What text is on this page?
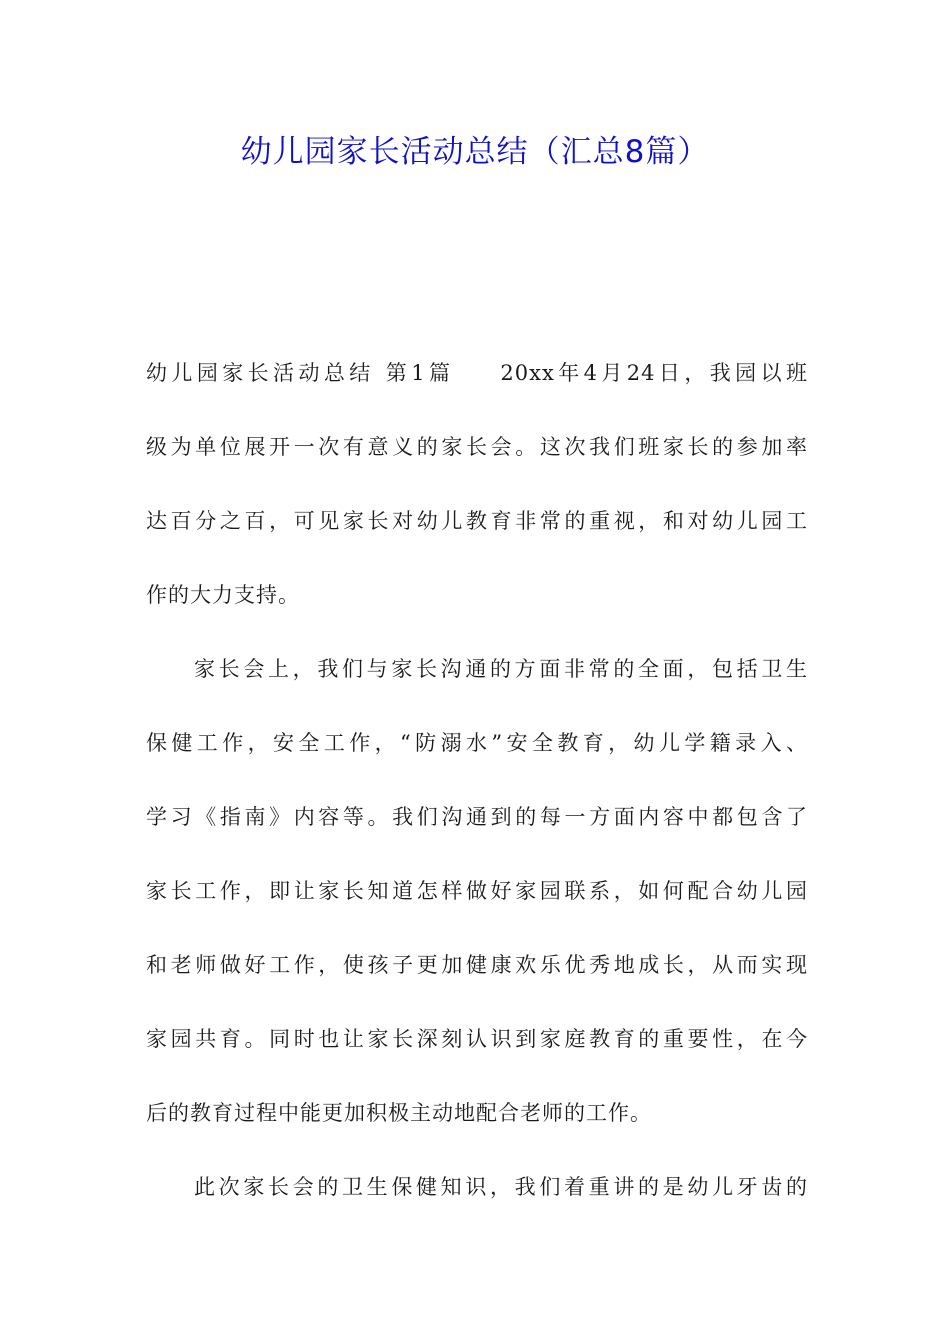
幼儿园家长活动总结（汇总8篇）
幼儿园家长活动总结 第1篇 20xx年4月24日，我园以班
级为单位展开一次有意义的家长会。这次我们班家长的参加率
达百分之百，可见家长对幼儿教育非常的重视，和对幼儿园工
作的大力支持。
家长会上，我们与家长沟通的方面非常的全面，包括卫生
保健工作，安全工作，“防溺水”安全教育，幼儿学籍录入、
学习《指南》内容等。我们沟通到的每一方面内容中都包含了
家长工作，即让家长知道怎样做好家园联系，如何配合幼儿园
和老师做好工作，使孩子更加健康欢乐优秀地成长，从而实现
家园共育。同时也让家长深刻认识到家庭教育的重要性，在今
后的教育过程中能更加积极主动地配合老师的工作。
此次家长会的卫生保健知识，我们着重讲的是幼儿牙齿的
